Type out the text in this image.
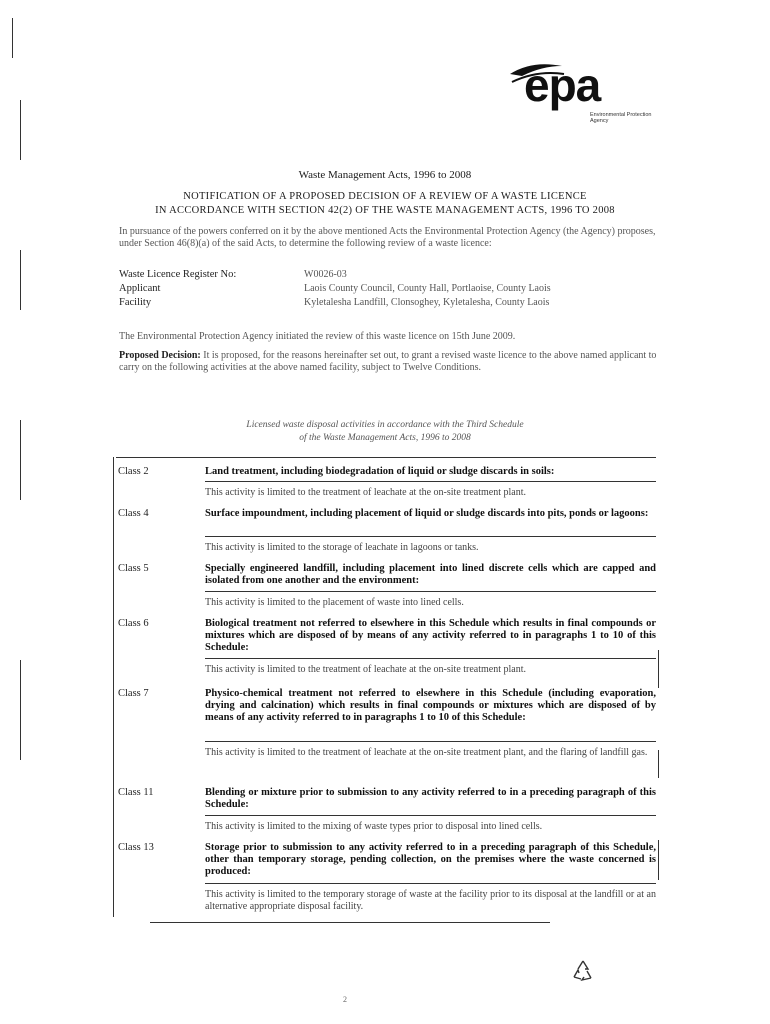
epa
Environmental Protection Agency
Waste Management Acts, 1996 to 2008
NOTIFICATION OF A PROPOSED DECISION OF A REVIEW OF A WASTE LICENCE
IN ACCORDANCE WITH SECTION 42(2) OF THE WASTE MANAGEMENT ACTS, 1996 TO 2008
In pursuance of the powers conferred on it by the above mentioned Acts the Environmental Protection Agency (the Agency) proposes, under Section 46(8)(a) of the said Acts, to determine the following review of a waste licence:
Waste Licence Register No:	W0026-03
Applicant	Laois County Council, County Hall, Portlaoise, County Laois
Facility	Kyletalesha Landfill, Clonsoghey, Kyletalesha, County Laois
The Environmental Protection Agency initiated the review of this waste licence on 15th June 2009.
Proposed Decision: It is proposed, for the reasons hereinafter set out, to grant a revised waste licence to the above named applicant to carry on the following activities at the above named facility, subject to Twelve Conditions.
Licensed waste disposal activities in accordance with the Third Schedule
of the Waste Management Acts, 1996 to 2008
Class 2	Land treatment, including biodegradation of liquid or sludge discards in soils:
This activity is limited to the treatment of leachate at the on-site treatment plant.
Class 4	Surface impoundment, including placement of liquid or sludge discards into pits, ponds or lagoons:
This activity is limited to the storage of leachate in lagoons or tanks.
Class 5	Specially engineered landfill, including placement into lined discrete cells which are capped and isolated from one another and the environment:
This activity is limited to the placement of waste into lined cells.
Class 6	Biological treatment not referred to elsewhere in this Schedule which results in final compounds or mixtures which are disposed of by means of any activity referred to in paragraphs 1 to 10 of this Schedule:
This activity is limited to the treatment of leachate at the on-site treatment plant.
Class 7	Physico-chemical treatment not referred to elsewhere in this Schedule (including evaporation, drying and calcination) which results in final compounds or mixtures which are disposed of by means of any activity referred to in paragraphs 1 to 10 of this Schedule:
This activity is limited to the treatment of leachate at the on-site treatment plant, and the flaring of landfill gas.
Class 11	Blending or mixture prior to submission to any activity referred to in a preceding paragraph of this Schedule:
This activity is limited to the mixing of waste types prior to disposal into lined cells.
Class 13	Storage prior to submission to any activity referred to in a preceding paragraph of this Schedule, other than temporary storage, pending collection, on the premises where the waste concerned is produced:
This activity is limited to the temporary storage of waste at the facility prior to its disposal at the landfill or at an alternative appropriate disposal facility.
2
